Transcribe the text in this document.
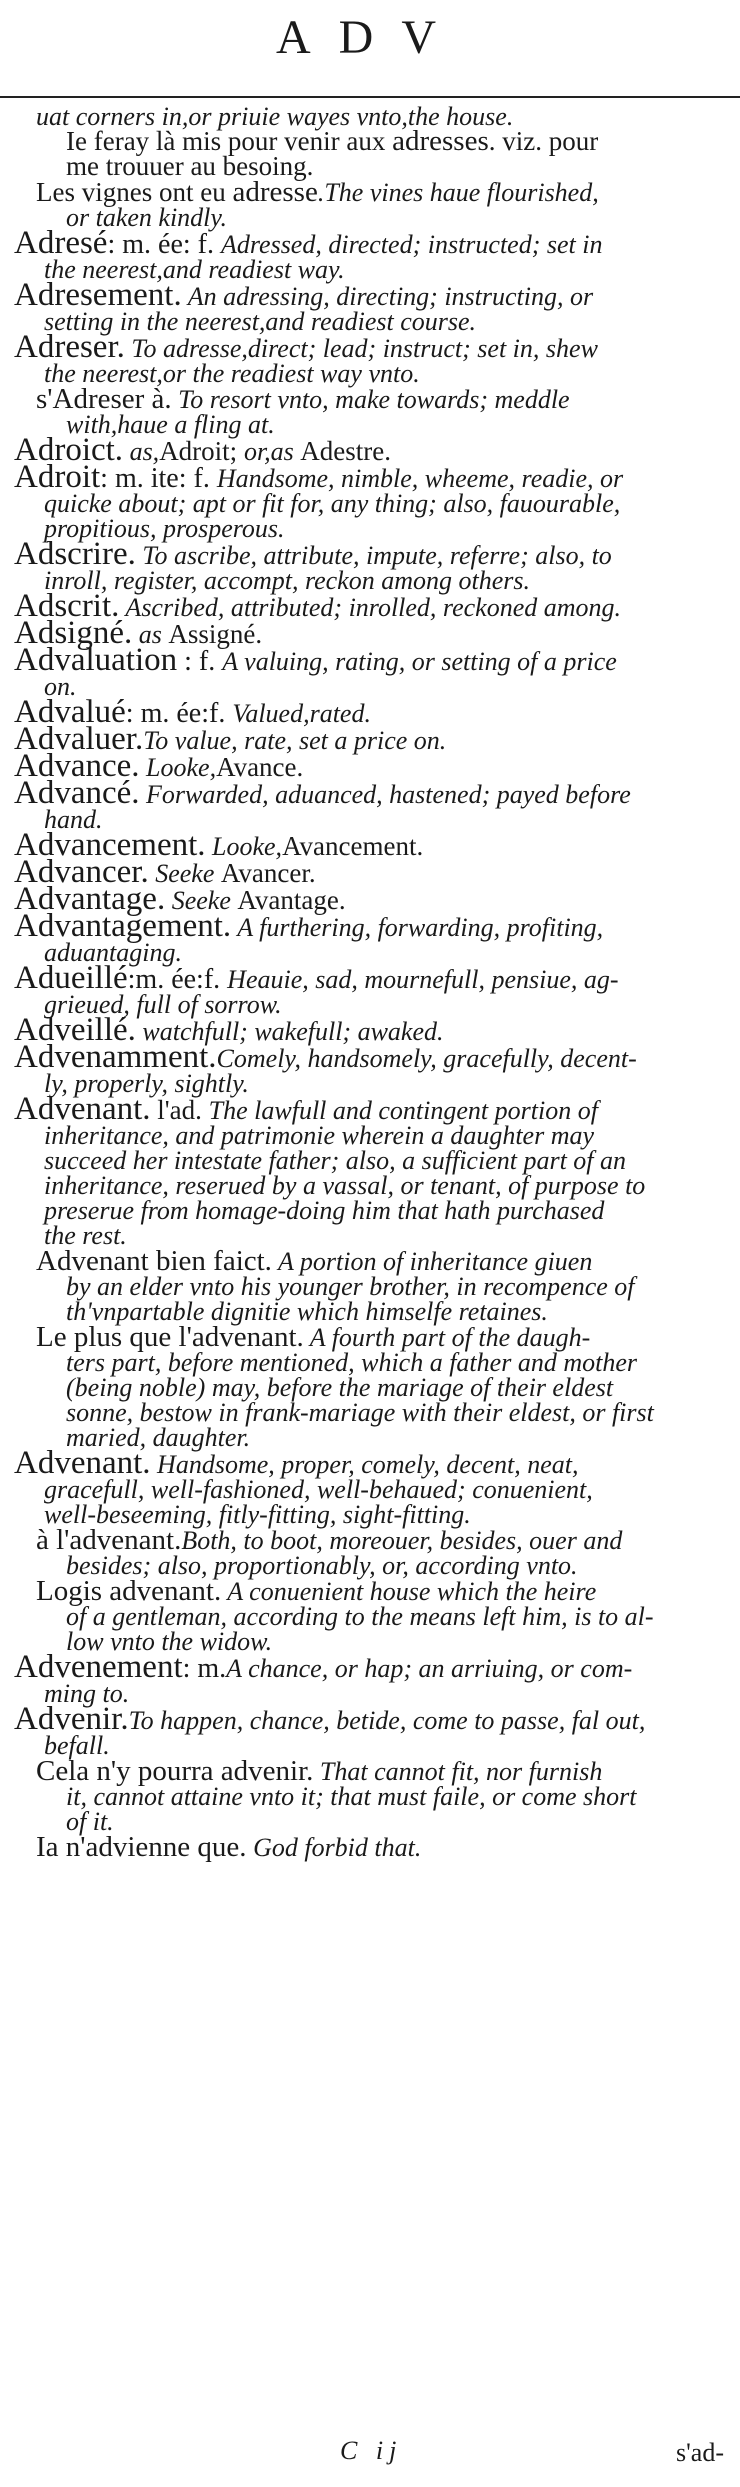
ADV
uat corners in,or priuie wayes vnto,the house.
Ie feray là mis pour venir aux adresses. viz. pour
me trouuer au besoing.
Les vignes ont eu adresse.The vines haue flourished,
or taken kindly.
Adresé: m. ée: f. Adressed, directed; instructed; set in
the neerest,and readiest way.
Adresement. An adressing, directing; instructing, or
setting in the neerest,and readiest course.
Adreser. To adresse,direct; lead; instruct; set in, shew
the neerest,or the readiest way vnto.
s'Adreser à. To resort vnto, make towards; meddle
with,haue a fling at.
Adroict. as,Adroit; or,as Adestre.
Adroit: m. ite: f. Handsome, nimble, wheeme, readie, or
quicke about; apt or fit for, any thing; also, fauourable,
propitious, prosperous.
Adscrire. To ascribe, attribute, impute, referre; also, to
inroll, register, accompt, reckon among others.
Adscrit. Ascribed, attributed; inrolled, reckoned among.
Adsigné. as Assigné.
Advaluation : f. A valuing, rating, or setting of a price
on.
Advalué: m. ée:f. Valued,rated.
Advaluer.To value, rate, set a price on.
Advance. Looke,Avance.
Advancé. Forwarded, aduanced, hastened; payed before
hand.
Advancement. Looke,Avancement.
Advancer. Seeke Avancer.
Advantage. Seeke Avantage.
Advantagement. A furthering, forwarding, profiting,
aduantaging.
Adueillé:m. ée:f. Heauie, sad, mournefull, pensiue, ag-
grieued, full of sorrow.
Adveillé. watchfull; wakefull; awaked.
Advenamment.Comely, handsomely, gracefully, decent-
ly, properly, sightly.
Advenant. l'ad. The lawfull and contingent portion of
inheritance, and patrimonie wherein a daughter may
succeed her intestate father; also, a sufficient part of an
inheritance, reserued by a vassal, or tenant, of purpose to
preserue from homage-doing him that hath purchased
the rest.
Advenant bien faict. A portion of inheritance giuen
by an elder vnto his younger brother, in recompence of
th'vnpartable dignitie which himselfe retaines.
Le plus que l'advenant. A fourth part of the daugh-
ters part, before mentioned, which a father and mother
(being noble) may, before the mariage of their eldest
sonne, bestow in frank-mariage with their eldest, or first
maried, daughter.
Advenant. Handsome, proper, comely, decent, neat,
gracefull, well-fashioned, well-behaued; conuenient,
well-beseeming, fitly-fitting, sight-fitting.
à l'advenant.Both, to boot, moreouer, besides, ouer and
besides; also, proportionably, or, according vnto.
Logis advenant. A conuenient house which the heire
of a gentleman, according to the means left him, is to al-
low vnto the widow.
Advenement: m.A chance, or hap; an arriuing, or com-
ming to.
Advenir.To happen, chance, betide, come to passe, fal out,
befall.
Cela n'y pourra advenir. That cannot fit, nor furnish
it, cannot attaine vnto it; that must faile, or come short
of it.
Ia n'advienne que. God forbid that.
C ij	s'ad-
